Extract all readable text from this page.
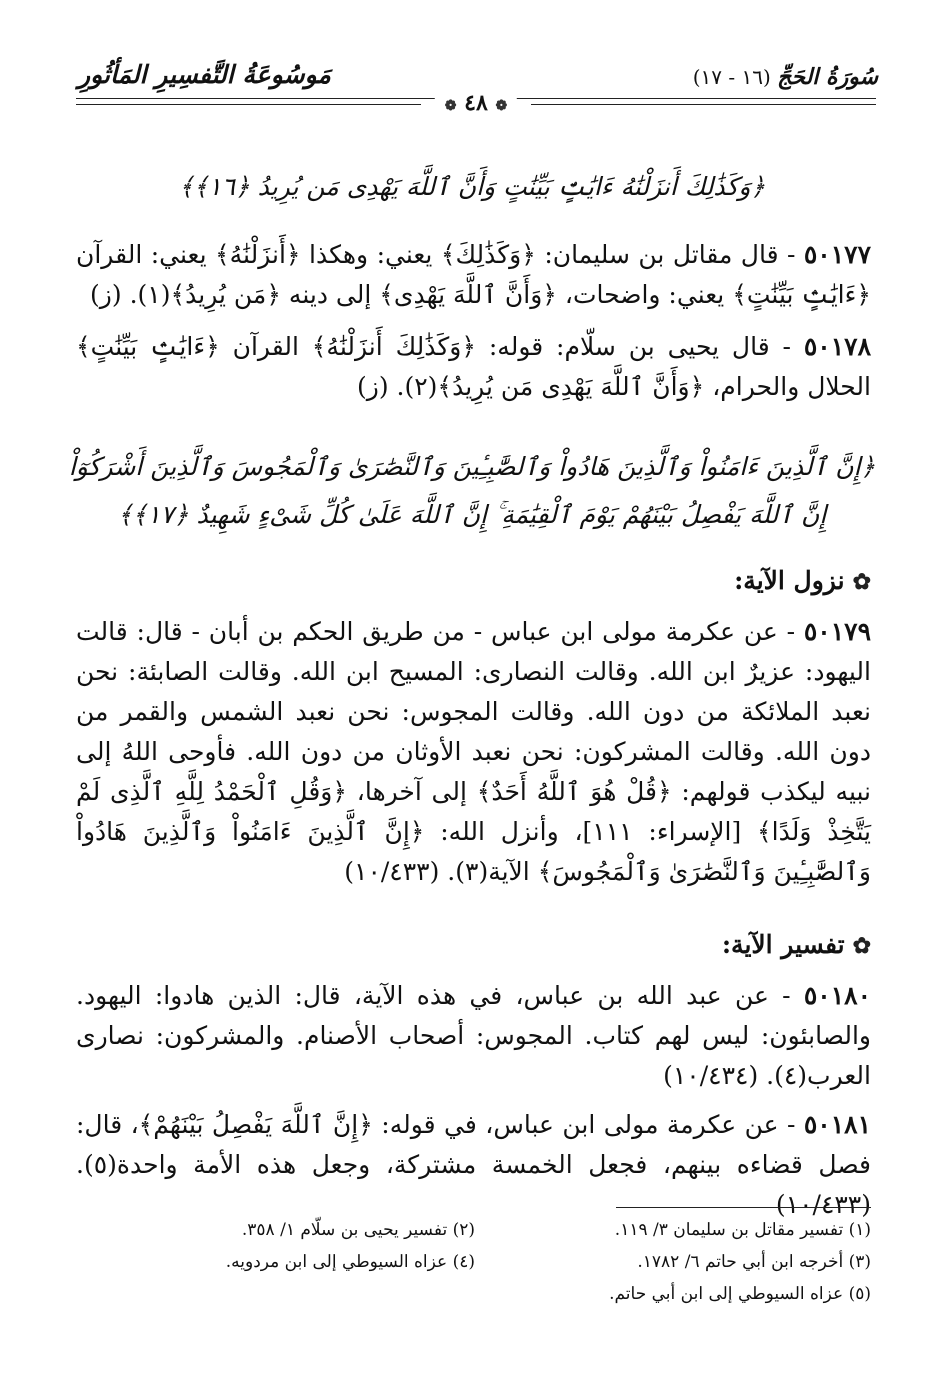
مَوسُوعَةُ التَّفسِيرِ المَأثُورِ	سُورَةُ الحَجِّ (١٦ - ١٧)
❁ ٤٨ ❁
﴿وَكَذَٰلِكَ أَنزَلْنَٰهُ ءَايَٰتٍۢ بَيِّنَٰتٍ وَأَنَّ ٱللَّهَ يَهْدِى مَن يُرِيدُ ﴿١٦﴾﴾
٥٠١٧٧ - قال مقاتل بن سليمان: ﴿وَكَذَٰلِكَ﴾ يعني: وهكذا ﴿أَنزَلْنَٰهُ﴾ يعني: القرآن ﴿ءَايَٰتٍۢ بَيِّنَٰتٍ﴾ يعني: واضحات، ﴿وَأَنَّ ٱللَّهَ يَهْدِى﴾ إلى دينه ﴿مَن يُرِيدُ﴾(١). (ز)
٥٠١٧٨ - قال يحيى بن سلّام: قوله: ﴿وَكَذَٰلِكَ أَنزَلْنَٰهُ﴾ القرآن ﴿ءَايَٰتٍۢ بَيِّنَٰتٍ﴾ الحلال والحرام، ﴿وَأَنَّ ٱللَّهَ يَهْدِى مَن يُرِيدُ﴾(٢). (ز)
﴿إِنَّ ٱلَّذِينَ ءَامَنُواْ وَٱلَّذِينَ هَادُواْ وَٱلصَّٰبِـِٔينَ وَٱلنَّصَٰرَىٰ وَٱلْمَجُوسَ وَٱلَّذِينَ أَشْرَكُوٓاْ
إِنَّ ٱللَّهَ يَفْصِلُ بَيْنَهُمْ يَوْمَ ٱلْقِيَٰمَةِ ۚ إِنَّ ٱللَّهَ عَلَىٰ كُلِّ شَىْءٍ شَهِيدٌ ﴿١٧﴾﴾
✿نزول الآية:
٥٠١٧٩ - عن عكرمة مولى ابن عباس - من طريق الحكم بن أبان - قال: قالت اليهود: عزيرٌ ابن الله. وقالت النصارى: المسيح ابن الله. وقالت الصابئة: نحن نعبد الملائكة من دون الله. وقالت المجوس: نحن نعبد الشمس والقمر من دون الله. وقالت المشركون: نحن نعبد الأوثان من دون الله. فأوحى اللهُ إلى نبيه ليكذب قولهم: ﴿قُلْ هُوَ ٱللَّهُ أَحَدٌ﴾ إلى آخرها، ﴿وَقُلِ ٱلْحَمْدُ لِلَّهِ ٱلَّذِى لَمْ يَتَّخِذْ وَلَدًا﴾ [الإسراء: ١١١]، وأنزل الله: ﴿إِنَّ ٱلَّذِينَ ءَامَنُواْ وَٱلَّذِينَ هَادُواْ وَٱلصَّٰبِـِٔينَ وَٱلنَّصَٰرَىٰ وَٱلْمَجُوسَ﴾ الآية(٣). (١٠/٤٣٣)
✿تفسير الآية:
٥٠١٨٠ - عن عبد الله بن عباس، في هذه الآية، قال: الذين هادوا: اليهود. والصابئون: ليس لهم كتاب. المجوس: أصحاب الأصنام. والمشركون: نصارى العرب(٤). (١٠/٤٣٤)
٥٠١٨١ - عن عكرمة مولى ابن عباس، في قوله: ﴿إِنَّ ٱللَّهَ يَفْصِلُ بَيْنَهُمْ﴾، قال: فصل قضاءه بينهم، فجعل الخمسة مشتركة، وجعل هذه الأمة واحدة(٥). (١٠/٤٣٣)
(١) تفسير مقاتل بن سليمان ٣/ ١١٩.
(٢) تفسير يحيى بن سلّام ١/ ٣٥٨.
(٣) أخرجه ابن أبي حاتم ٦/ ١٧٨٢.
(٤) عزاه السيوطي إلى ابن مردويه.
(٥) عزاه السيوطي إلى ابن أبي حاتم.
